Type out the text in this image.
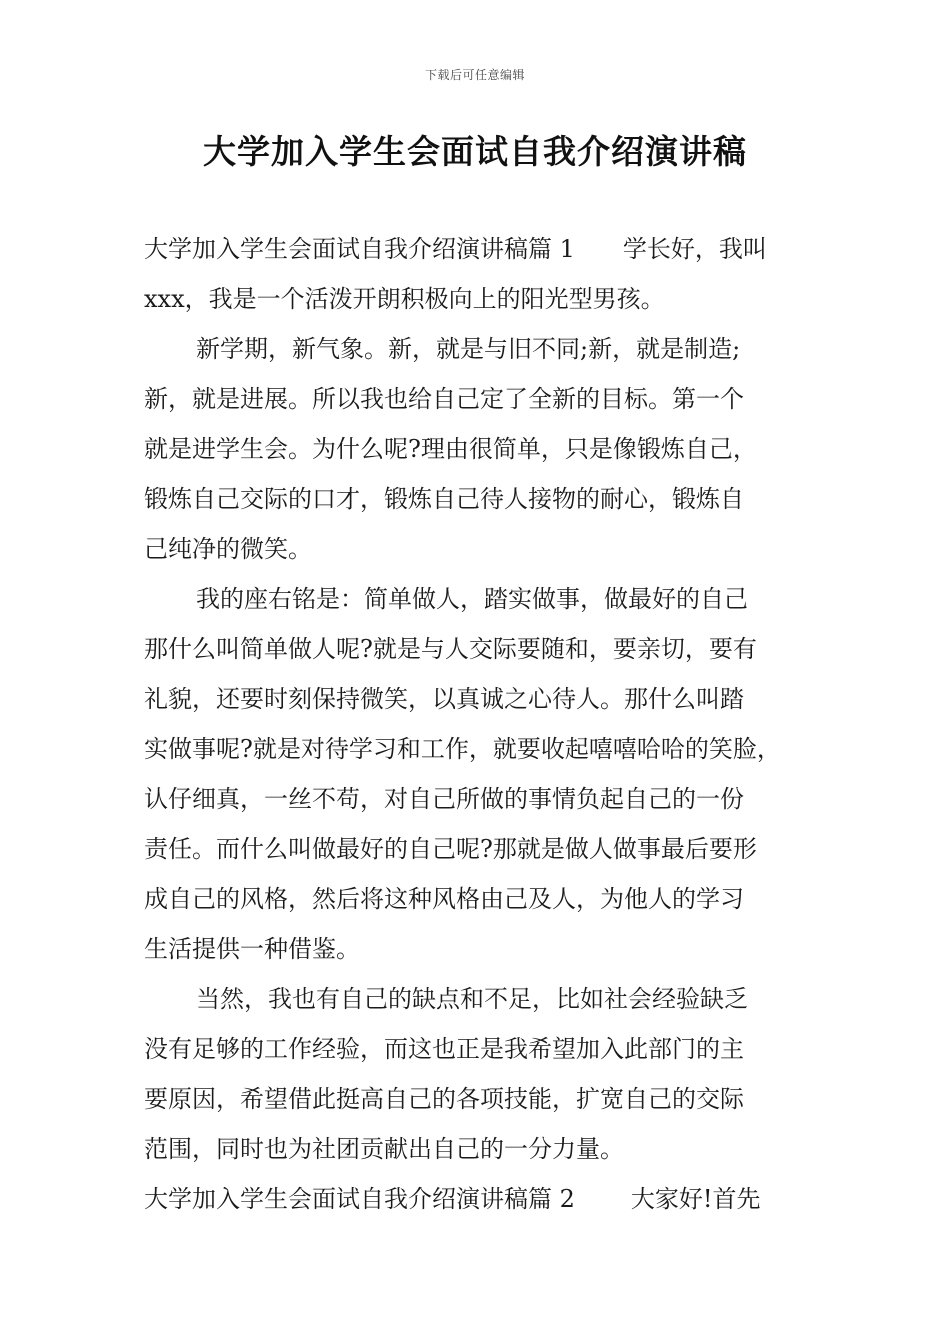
下载后可任意编辑
大学加入学生会面试自我介绍演讲稿
大学加入学生会面试自我介绍演讲稿篇 1 学长好，我叫
xxx，我是一个活泼开朗积极向上的阳光型男孩。
新学期，新气象。新，就是与旧不同;新，就是制造;
新，就是进展。所以我也给自己定了全新的目标。第一个
就是进学生会。为什么呢?理由很简单，只是像锻炼自己，
锻炼自己交际的口才，锻炼自己待人接物的耐心，锻炼自
己纯净的微笑。
我的座右铭是：简单做人，踏实做事，做最好的自己
那什么叫简单做人呢?就是与人交际要随和，要亲切，要有
礼貌，还要时刻保持微笑，以真诚之心待人。那什么叫踏
实做事呢?就是对待学习和工作，就要收起嘻嘻哈哈的笑脸，
认仔细真，一丝不苟，对自己所做的事情负起自己的一份
责任。而什么叫做最好的自己呢?那就是做人做事最后要形
成自己的风格，然后将这种风格由己及人，为他人的学习
生活提供一种借鉴。
当然，我也有自己的缺点和不足，比如社会经验缺乏
没有足够的工作经验，而这也正是我希望加入此部门的主
要原因，希望借此挺高自己的各项技能，扩宽自己的交际
范围，同时也为社团贡献出自己的一分力量。
大学加入学生会面试自我介绍演讲稿篇 2 大家好!首先
